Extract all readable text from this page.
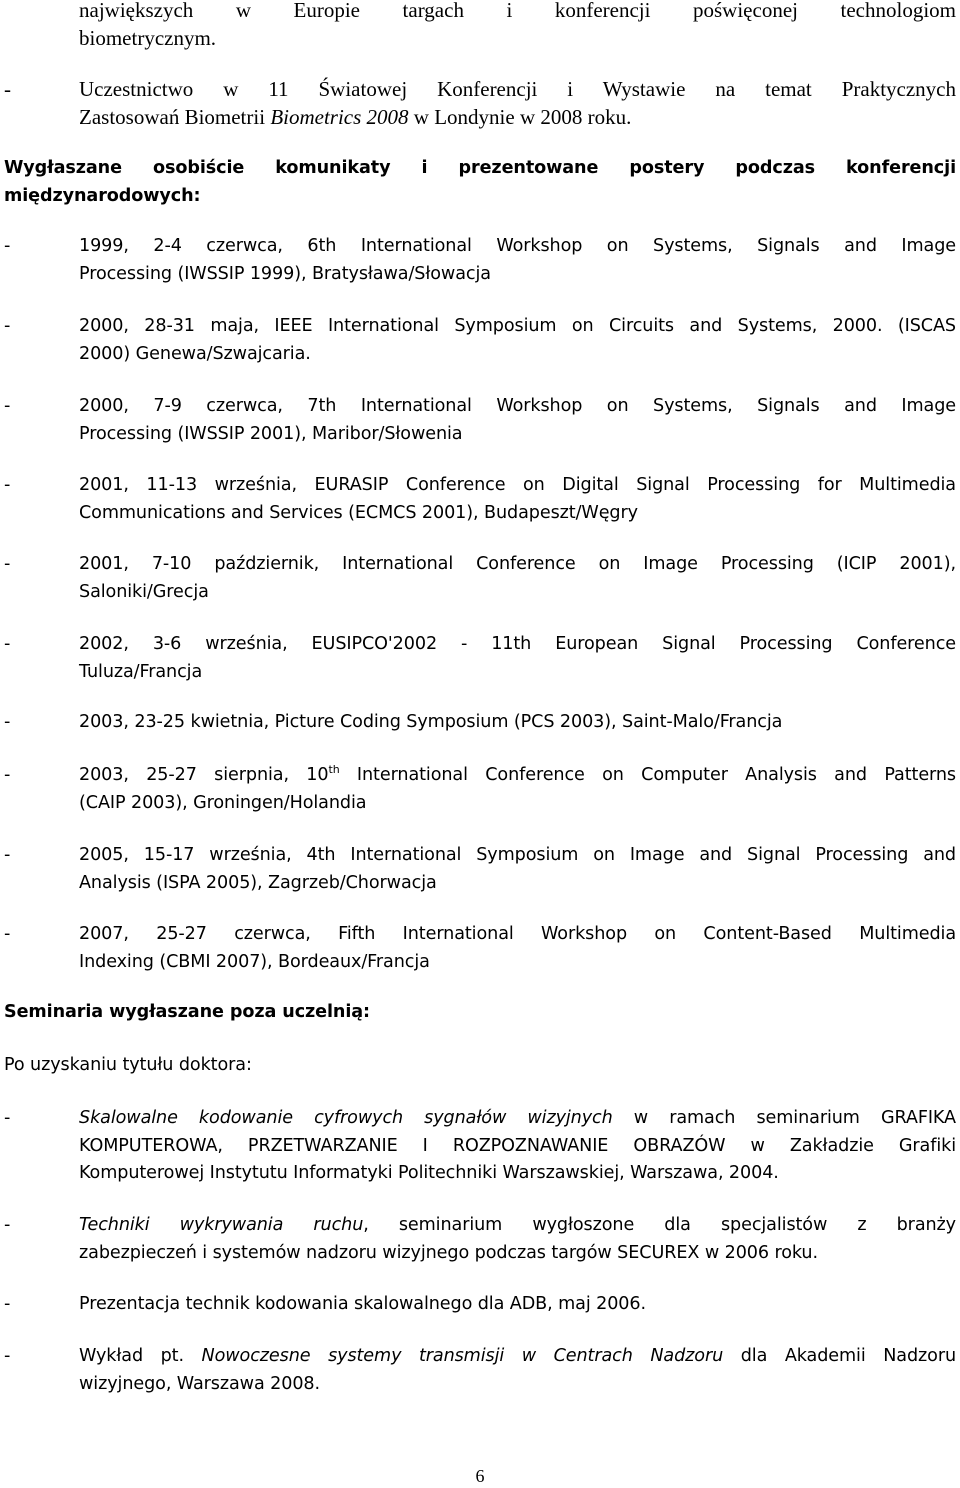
największych w Europie targach i konferencji poświęconej technologiom
biometrycznym.
-	Uczestnictwo w 11 Światowej Konferencji i Wystawie na temat Praktycznych
Zastosowań Biometrii Biometrics 2008 w Londynie w 2008 roku.
Wygłaszane osobiście komunikaty i prezentowane postery podczas konferencji
międzynarodowych:
-	1999, 2-4 czerwca, 6th International Workshop on Systems, Signals and Image
Processing (IWSSIP 1999), Bratysława/Słowacja
-	2000, 28-31 maja, IEEE International Symposium on Circuits and Systems, 2000. (ISCAS
2000) Genewa/Szwajcaria.
-	2000, 7-9 czerwca, 7th International Workshop on Systems, Signals and Image
Processing (IWSSIP 2001), Maribor/Słowenia
-	2001, 11-13 września, EURASIP Conference on Digital Signal Processing for Multimedia
Communications and Services (ECMCS 2001), Budapeszt/Węgry
-	2001, 7-10 październik, International Conference on Image Processing (ICIP 2001),
Saloniki/Grecja
-	2002, 3-6 września, EUSIPCO'2002 - 11th European Signal Processing Conference
Tuluza/Francja
-	2003, 23-25 kwietnia, Picture Coding Symposium (PCS 2003), Saint-Malo/Francja
-	2003, 25-27 sierpnia, 10th International Conference on Computer Analysis and Patterns
(CAIP 2003), Groningen/Holandia
-	2005, 15-17 września, 4th International Symposium on Image and Signal Processing and
Analysis (ISPA 2005), Zagrzeb/Chorwacja
-	2007, 25-27 czerwca, Fifth International Workshop on Content-Based Multimedia
Indexing (CBMI 2007), Bordeaux/Francja
Seminaria wygłaszane poza uczelnią:
Po uzyskaniu tytułu doktora:
-	Skalowalne kodowanie cyfrowych sygnałów wizyjnych w ramach seminarium GRAFIKA
KOMPUTEROWA, PRZETWARZANIE I ROZPOZNAWANIE OBRAZÓW w Zakładzie Grafiki
Komputerowej Instytutu Informatyki Politechniki Warszawskiej, Warszawa, 2004.
-	Techniki wykrywania ruchu, seminarium wygłoszone dla specjalistów z branży
zabezpieczeń i systemów nadzoru wizyjnego podczas targów SECUREX w 2006 roku.
-	Prezentacja technik kodowania skalowalnego dla ADB, maj 2006.
-	Wykład pt. Nowoczesne systemy transmisji w Centrach Nadzoru dla Akademii Nadzoru
wizyjnego, Warszawa 2008.
6
